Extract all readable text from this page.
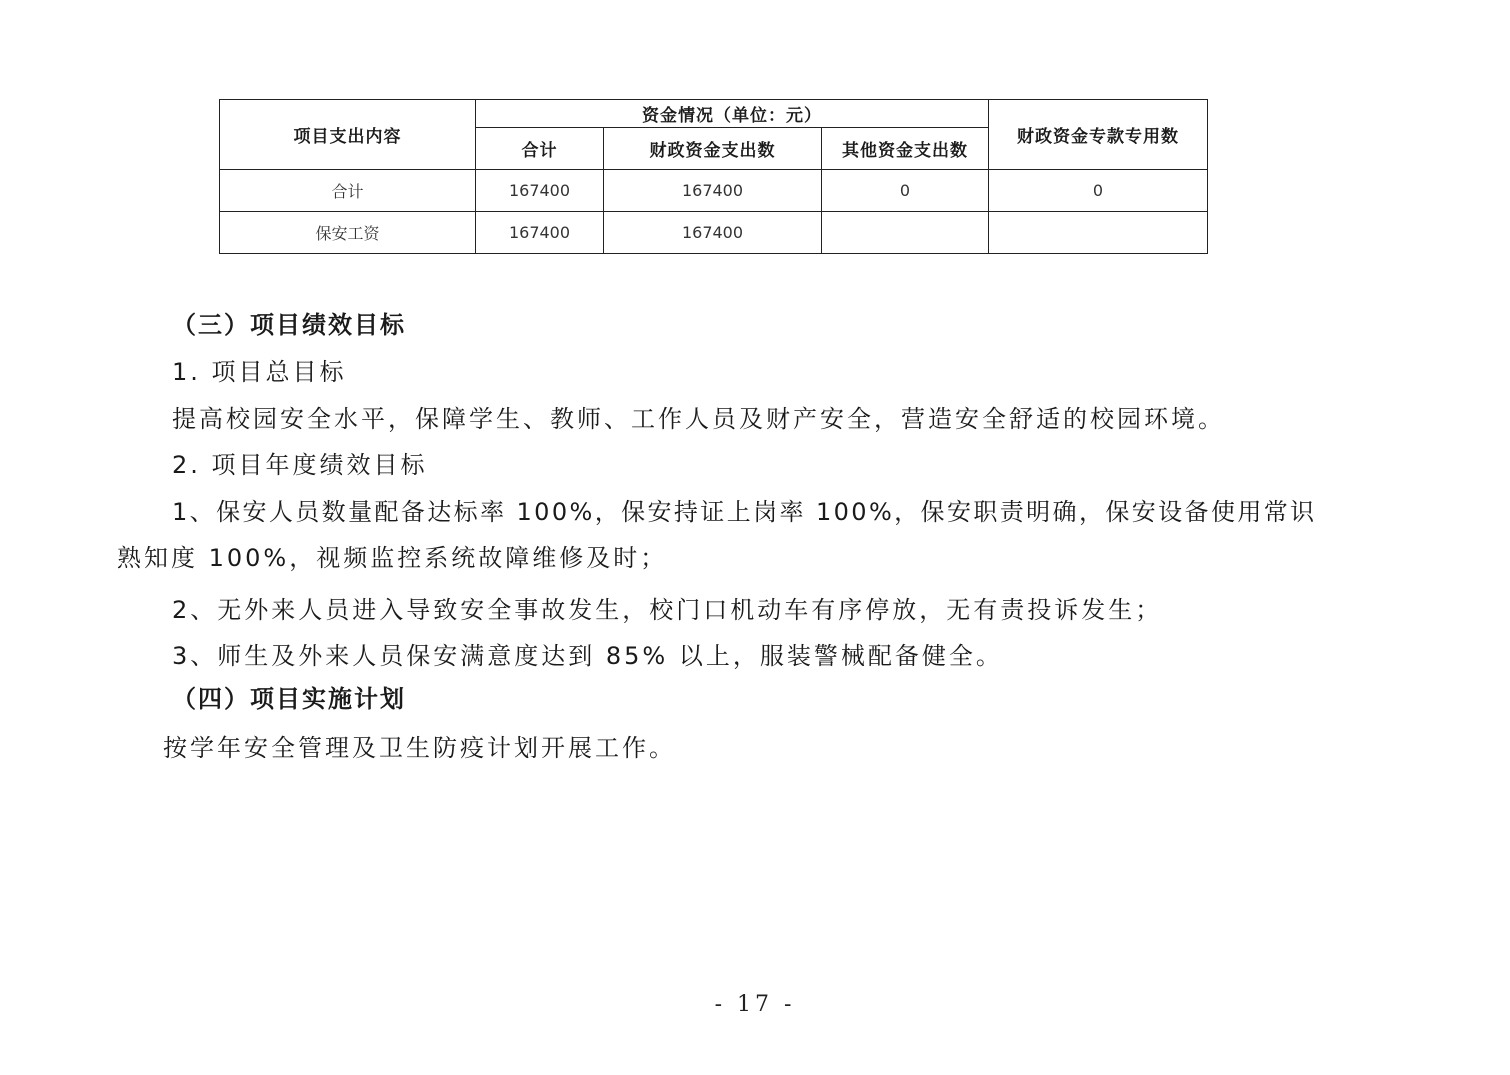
项目支出内容	资金情况（单位：元）			财政资金专款专用数
	合计	财政资金支出数	其他资金支出数	
合计	167400	167400	0	0
保安工资	167400	167400		
（三）项目绩效目标
1. 项目总目标
提高校园安全水平，保障学生、教师、工作人员及财产安全，营造安全舒适的校园环境。
2. 项目年度绩效目标
1、保安人员数量配备达标率 100%，保安持证上岗率 100%，保安职责明确，保安设备使用常识
熟知度 100%，视频监控系统故障维修及时；
2、无外来人员进入导致安全事故发生，校门口机动车有序停放，无有责投诉发生；
3、师生及外来人员保安满意度达到 85% 以上，服装警械配备健全。
（四）项目实施计划
按学年安全管理及卫生防疫计划开展工作。
- 17 -
